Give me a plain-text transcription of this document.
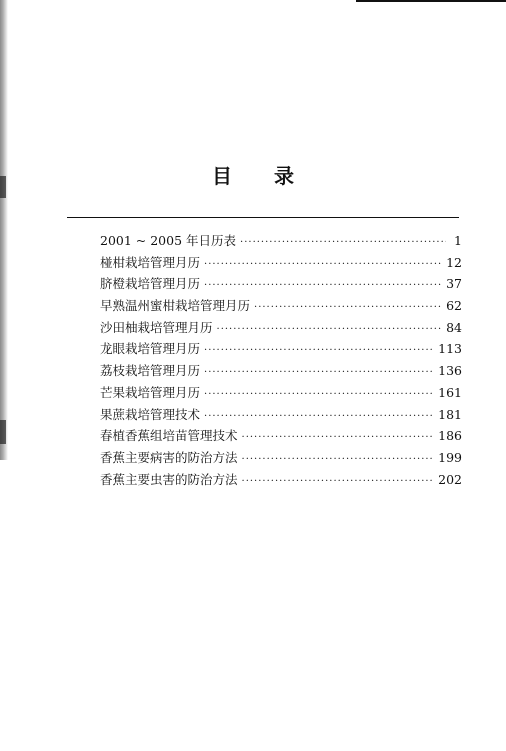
目 录
2001 ~ 2005 年日历表 ·····	1
椪柑栽培管理月历 ·····	12
脐橙栽培管理月历 ·····	37
早熟温州蜜柑栽培管理月历 ·····	62
沙田柚栽培管理月历 ·····	84
龙眼栽培管理月历 ·····	113
荔枝栽培管理月历 ·····	136
芒果栽培管理月历 ·····	161
果蔗栽培管理技术 ·····	181
春植香蕉组培苗管理技术 ·····	186
香蕉主要病害的防治方法 ·····	199
香蕉主要虫害的防治方法 ·····	202
